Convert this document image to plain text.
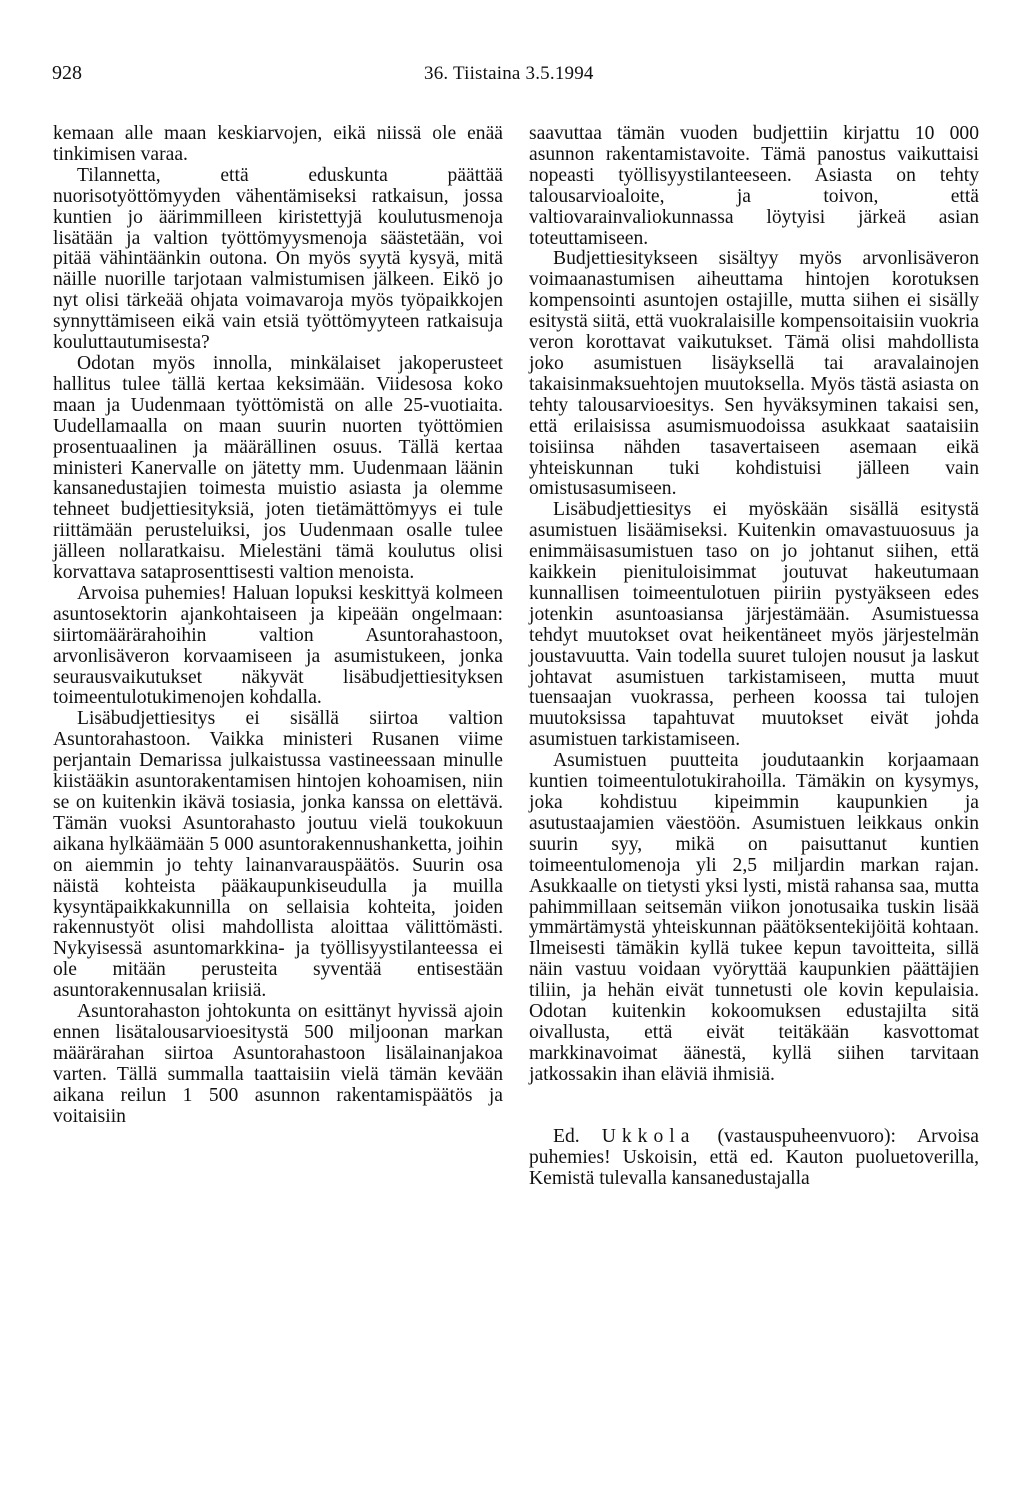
928	36. Tiistaina 3.5.1994

kemaan alle maan keskiarvojen, eikä niissä ole enää tinkimisen varaa.

Tilannetta, että eduskunta päättää nuorisotyöttömyyden vähentämiseksi ratkaisun, jossa kuntien jo äärimmilleen kiristettyjä koulutusmenoja lisätään ja valtion työttömyysmenoja säästetään, voi pitää vähintäänkin outona. On myös syytä kysyä, mitä näille nuorille tarjotaan valmistumisen jälkeen. Eikö jo nyt olisi tärkeää ohjata voimavaroja myös työpaikkojen synnyttämiseen eikä vain etsiä työttömyyteen ratkaisuja kouluttautumisesta?

Odotan myös innolla, minkälaiset jakoperusteet hallitus tulee tällä kertaa keksimään. Viidesosa koko maan ja Uudenmaan työttömistä on alle 25-vuotiaita. Uudellamaalla on maan suurin nuorten työttömien prosentuaalinen ja määrällinen osuus. Tällä kertaa ministeri Kanervalle on jätetty mm. Uudenmaan läänin kansanedustajien toimesta muistio asiasta ja olemme tehneet budjettiesityksiä, joten tietämättömyys ei tule riittämään perusteluiksi, jos Uudenmaan osalle tulee jälleen nollaratkaisu. Mielestäni tämä koulutus olisi korvattava sataprosenttisesti valtion menoista.

Arvoisa puhemies! Haluan lopuksi keskittyä kolmeen asuntosektorin ajankohtaiseen ja kipeään ongelmaan: siirtomäärärahoihin valtion Asuntorahastoon, arvonlisäveron korvaamiseen ja asumistukeen, jonka seurausvaikutukset näkyvät lisäbudjettiesityksen toimeentulotukimenojen kohdalla.

Lisäbudjettiesitys ei sisällä siirtoa valtion Asuntorahastoon. Vaikka ministeri Rusanen viime perjantain Demarissa julkaistussa vastineessaan minulle kiistääkin asuntorakentamisen hintojen kohoamisen, niin se on kuitenkin ikävä tosiasia, jonka kanssa on elettävä. Tämän vuoksi Asuntorahasto joutuu vielä toukokuun aikana hylkäämään 5 000 asuntorakennushanketta, joihin on aiemmin jo tehty lainanvarauspäätös. Suurin osa näistä kohteista pääkaupunkiseudulla ja muilla kysyntäpaikkakunnilla on sellaisia kohteita, joiden rakennustyöt olisi mahdollista aloittaa välittömästi. Nykyisessä asuntomarkkina- ja työllisyystilanteessa ei ole mitään perusteita syventää entisestään asuntorakennusalan kriisiä.

Asuntorahaston johtokunta on esittänyt hyvissä ajoin ennen lisätalousarvioesitystä 500 miljoonan markan määrärahan siirtoa Asuntorahastoon lisälainanjakoa varten. Tällä summalla taattaisiin vielä tämän kevään aikana reilun 1 500 asunnon rakentamispäätös ja voitaisiin

saavuttaa tämän vuoden budjettiin kirjattu 10 000 asunnon rakentamistavoite. Tämä panostus vaikuttaisi nopeasti työllisyystilanteeseen. Asiasta on tehty talousarvioaloite, ja toivon, että valtiovarainvaliokunnassa löytyisi järkeä asian toteuttamiseen.

Budjettiesitykseen sisältyy myös arvonlisäveron voimaanastumisen aiheuttama hintojen korotuksen kompensointi asuntojen ostajille, mutta siihen ei sisälly esitystä siitä, että vuokralaisille kompensoitaisiin vuokria veron korottavat vaikutukset. Tämä olisi mahdollista joko asumistuen lisäyksellä tai aravalainojen takaisinmaksuehtojen muutoksella. Myös tästä asiasta on tehty talousarvioesitys. Sen hyväksyminen takaisi sen, että erilaisissa asumismuodoissa asukkaat saataisiin toisiinsa nähden tasavertaiseen asemaan eikä yhteiskunnan tuki kohdistuisi jälleen vain omistusasumiseen.

Lisäbudjettiesitys ei myöskään sisällä esitystä asumistuen lisäämiseksi. Kuitenkin omavastuuosuus ja enimmäisasumistuen taso on jo johtanut siihen, että kaikkein pienituloisimmat joutuvat hakeutumaan kunnallisen toimeentulotuen piiriin pystyäkseen edes jotenkin asuntoasiansa järjestämään. Asumistuessa tehdyt muutokset ovat heikentäneet myös järjestelmän joustavuutta. Vain todella suuret tulojen nousut ja laskut johtavat asumistuen tarkistamiseen, mutta muut tuensaajan vuokrassa, perheen koossa tai tulojen muutoksissa tapahtuvat muutokset eivät johda asumistuen tarkistamiseen.

Asumistuen puutteita joudutaankin korjaamaan kuntien toimeentulotukirahoilla. Tämäkin on kysymys, joka kohdistuu kipeimmin kaupunkien ja asutustaajamien väestöön. Asumistuen leikkaus onkin suurin syy, mikä on paisuttanut kuntien toimeentulomenoja yli 2,5 miljardin markan rajan. Asukkaalle on tietysti yksi lysti, mistä rahansa saa, mutta pahimmillaan seitsemän viikon jonotusaika tuskin lisää ymmärtämystä yhteiskunnan päätöksentekijöitä kohtaan. Ilmeisesti tämäkin kyllä tukee kepun tavoitteita, sillä näin vastuu voidaan vyöryttää kaupunkien päättäjien tiliin, ja hehän eivät tunnetusti ole kovin kepulaisia. Odotan kuitenkin kokoomuksen edustajilta sitä oivallusta, että eivät teitäkään kasvottomat markkinavoimat äänestä, kyllä siihen tarvitaan jatkossakin ihan eläviä ihmisiä.

Ed. Ukkola (vastauspuheenvuoro): Arvoisa puhemies! Uskoisin, että ed. Kauton puoluetoverilla, Kemistä tulevalla kansanedustajalla
